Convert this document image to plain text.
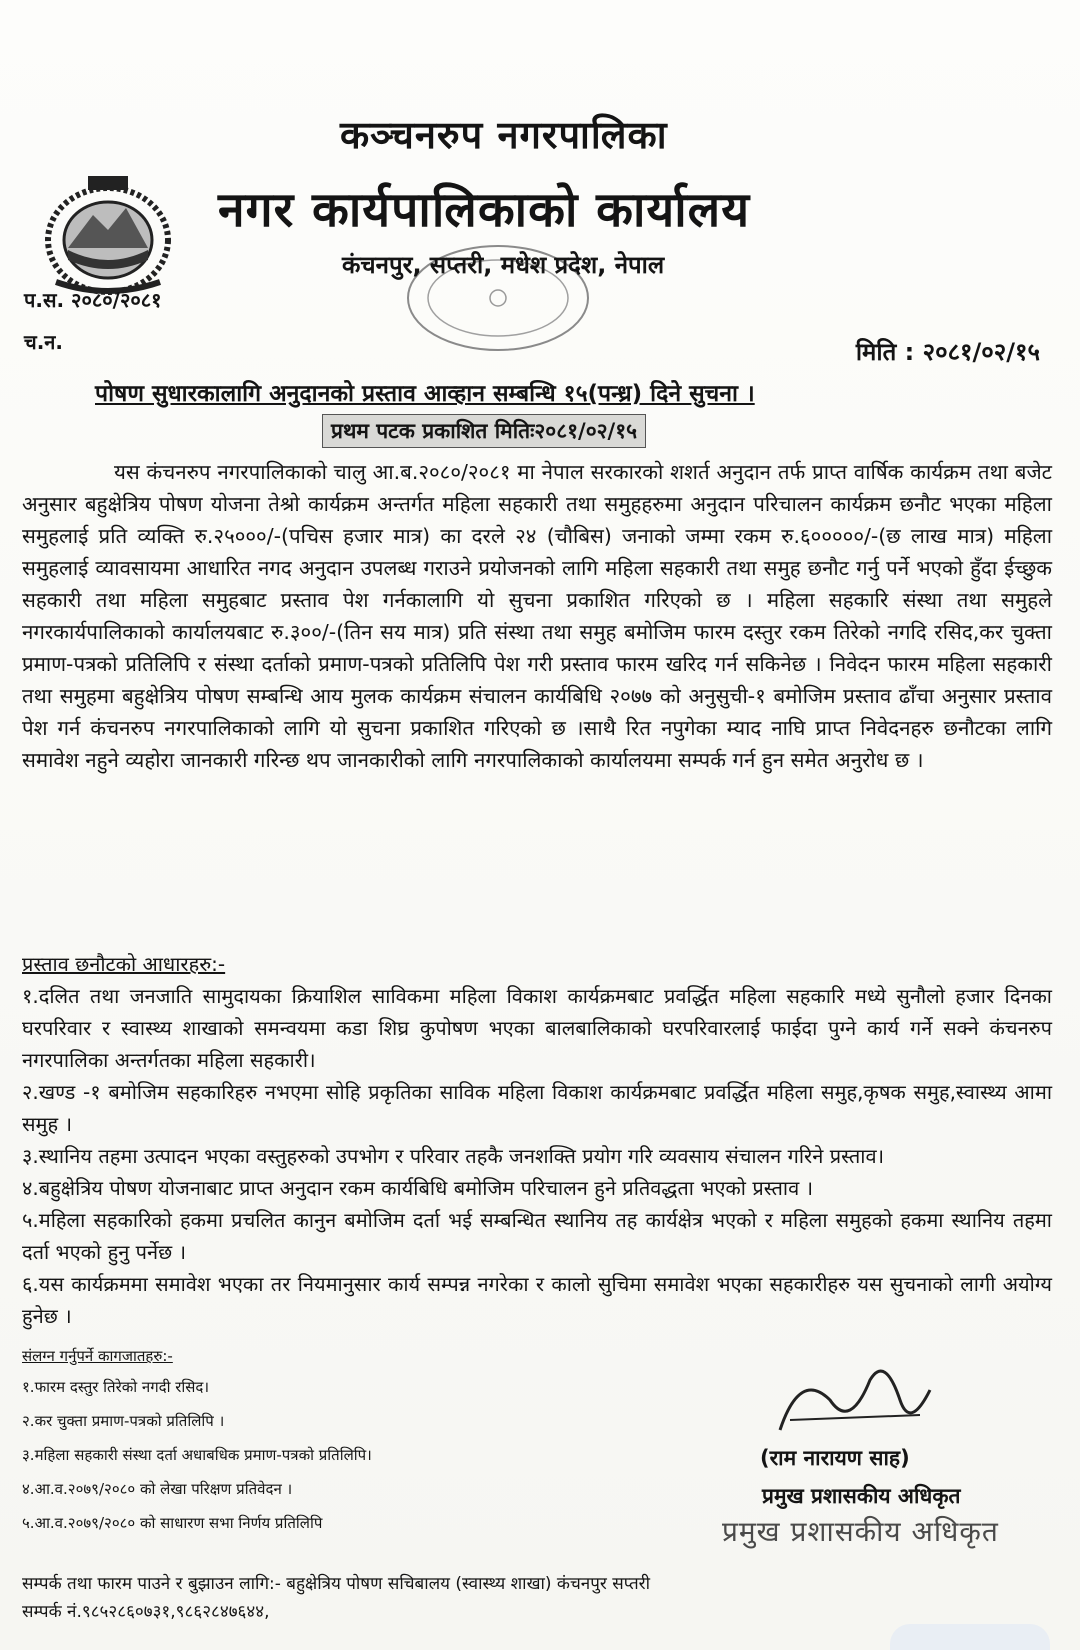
कञ्चनरुप नगरपालिका
नगर कार्यपालिकाको कार्यालय
कंचनपुर, सप्तरी, मधेश प्रदेश, नेपाल
प.स. २०८०/२०८१
च.न.	मिति : २०८१/०२/१५
पोषण सुधारकालागि अनुदानको प्रस्ताव आव्हान सम्बन्धि १५(पन्ध्र) दिने सुचना ।
प्रथम पटक प्रकाशित मितिः२०८१/०२/१५
यस कंचनरुप नगरपालिकाको चालु आ.ब.२०८०/२०८१ मा नेपाल सरकारको शशर्त अनुदान तर्फ प्राप्त वार्षिक कार्यक्रम तथा बजेट अनुसार बहुक्षेत्रिय पोषण योजना तेश्रो कार्यक्रम अन्तर्गत महिला सहकारी तथा समुहहरुमा अनुदान परिचालन कार्यक्रम छनौट भएका महिला समुहलाई प्रति व्यक्ति रु.२५०००/-(पचिस हजार मात्र) का दरले २४ (चौबिस) जनाको जम्मा रकम रु.६०००००/-(छ लाख मात्र) महिला समुहलाई व्यावसायमा आधारित नगद अनुदान उपलब्ध गराउने प्रयोजनको लागि महिला सहकारी तथा समुह छनौट गर्नु पर्ने भएको हुँदा ईच्छुक सहकारी तथा महिला समुहबाट प्रस्ताव पेश गर्नकालागि यो सुचना प्रकाशित गरिएको छ । महिला सहकारि संस्था तथा समुहले नगरकार्यपालिकाको कार्यालयबाट रु.३००/-(तिन सय मात्र) प्रति संस्था तथा समुह बमोजिम फारम दस्तुर रकम तिरेको नगदि रसिद,कर चुक्ता प्रमाण-पत्रको प्रतिलिपि र संस्था दर्ताको प्रमाण-पत्रको प्रतिलिपि पेश गरी प्रस्ताव फारम खरिद गर्न सकिनेछ । निवेदन फारम महिला सहकारी तथा समुहमा बहुक्षेत्रिय पोषण सम्बन्धि आय मुलक कार्यक्रम संचालन कार्यबिधि २०७७ को अनुसुची-१ बमोजिम प्रस्ताव ढाँचा अनुसार प्रस्ताव पेश गर्न कंचनरुप नगरपालिकाको लागि यो सुचना प्रकाशित गरिएको छ ।साथै रित नपुगेका म्याद नाघि प्राप्त निवेदनहरु छनौटका लागि समावेश नहुने व्यहोरा जानकारी गरिन्छ थप जानकारीको लागि नगरपालिकाको कार्यालयमा सम्पर्क गर्न हुन समेत अनुरोध छ ।
प्रस्ताव छनौटको आधारहरु:-

१.दलित तथा जनजाति सामुदायका क्रियाशिल साविकमा महिला विकाश कार्यक्रमबाट प्रवर्द्धित महिला सहकारि मध्ये सुनौलो हजार दिनका घरपरिवार र स्वास्थ्य शाखाको समन्वयमा कडा शिघ्र कुपोषण भएका बालबालिकाको घरपरिवारलाई फाईदा पुग्ने कार्य गर्ने सक्ने कंचनरुप नगरपालिका अन्तर्गतका महिला सहकारी।

२.खण्ड -१ बमोजिम सहकारिहरु नभएमा सोहि प्रकृतिका साविक महिला विकाश कार्यक्रमबाट प्रवर्द्धित महिला समुह,कृषक समुह,स्वास्थ्य आमा समुह ।

३.स्थानिय तहमा उत्पादन भएका वस्तुहरुको उपभोग र परिवार तहकै जनशक्ति प्रयोग गरि व्यवसाय संचालन गरिने प्रस्ताव।

४.बहुक्षेत्रिय पोषण योजनाबाट प्राप्त अनुदान रकम कार्यबिधि बमोजिम परिचालन हुने प्रतिवद्धता भएको प्रस्ताव ।

५.महिला सहकारिको हकमा प्रचलित कानुन बमोजिम दर्ता भई सम्बन्धित स्थानिय तह कार्यक्षेत्र भएको र महिला समुहको हकमा स्थानिय तहमा दर्ता भएको हुनु पर्नेछ ।

६.यस कार्यक्रममा समावेश भएका तर नियमानुसार कार्य सम्पन्न नगरेका र कालो सुचिमा समावेश भएका सहकारीहरु यस सुचनाको लागी अयोग्य हुनेछ ।

संलग्न गर्नुपर्ने कागजातहरु:-
१.फारम दस्तुर तिरेको नगदी रसिद।
२.कर चुक्ता प्रमाण-पत्रको प्रतिलिपि ।
३.महिला सहकारी संस्था दर्ता अधाबधिक प्रमाण-पत्रको प्रतिलिपि।
४.आ.व.२०७९/२०८० को लेखा परिक्षण प्रतिवेदन ।
५.आ.व.२०७९/२०८० को साधारण सभा निर्णय प्रतिलिपि
सम्पर्क तथा फारम पाउने र बुझाउन लागि:- बहुक्षेत्रिय पोषण सचिबालय (स्वास्थ्य शाखा) कंचनपुर सप्तरी
सम्पर्क नं.९८५२८६०७३१,९८६२८४७६४४,
(राम नारायण साह)
प्रमुख प्रशासकीय अधिकृत
प्रमुख प्रशासकीय अधिकृत
